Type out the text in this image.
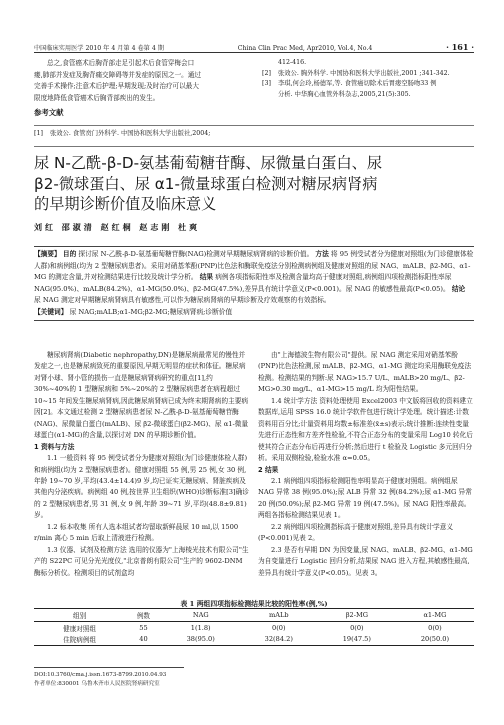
中国临床实用医学 2010 年 4 月第 4 卷第 4 期	China Clin Prac Med, Apr2010, Vol.4, No.4	· 161 ·
总之,食管癌术后胸背部走足引起术后食管穿梅会口
瘘,肺部并发症及胸背痛交障碍等并发症的原因之一。通过
完善手术操作;注意术后护理;早期发现;及时治疗可以最大
限度地降低食管癌术后胸背部疾出的发生。
参考文献
412-416.
[2]	张效公. 胸外科学. 中国协和医科大学出版社,2001 ;341-342.
[3]	李琪,何会玲,杨德军,等. 食管癌切除术后胃瘘空肠吻33 例
分析. 中华胸心血管外科杂志,2005,21(5):305.
[1]	张效公. 食管贲门外科学. 中国协和医科大学出版社,2004;
尿 N-乙酰-β-D-氨基葡萄糖苷酶、尿微量白蛋白、尿
β2-微球蛋白、尿 α1-微量球蛋白检测对糖尿病肾病
的早期诊断价值及临床意义
刘红 邵淑清 赵红桐 赵志刚 杜爽

【摘要】 目的 探讨尿 N-乙酰-β-D-氨基葡萄糖苷酶(NAG)检测对早期糖尿病肾病的诊断价值。 方法 将 95 例受试者分为健康对照组(为门诊健康体检人群)和病例组(均为 2 型糖尿病患者)。采用对硝基苯酚(PNP)比色法和酶联免疫法分别检测病例组及健康对照组的尿 NAG、mALB、β2-MG、α1-MG 的测定含量,并对检测结果进行比较及统计学分析。 结果 病例各项指标阳性率及检测含量均高于健康对照组,病例组四项检测指标阳性率尿 NAG(95.0%)、mALB(84.2%)、α1-MG(50.0%)、β2-MG(47.5%),差异具有统计学意义(P<0.001)。尿 NAG 的敏感性最高(P<0.05)。 结论 尿 NAG 测定对早期糖尿病肾病具有敏感性,可以作为糖尿病肾病的早期诊断及疗效观察的有效指标。

【关键词】 尿 NAG;mALB;α1-MG;β2-MG;糖尿病肾病;诊断价值

糖尿病肾病(Diabetic nephropathy,DN)是糖尿病最常见的慢性并发症之一,也是糖尿病致死的重要原因,早期无明显的症状和体征。糖尿病对肾小球、肾小管的损伤一直是糖尿病肾病研究的重点[1],约 30%~40%的 1 型糖尿病和 5%~20%的 2 型糖尿病患者在病程超过 10~15 年间发生糖尿病肾病,因此糖尿病肾病已成为终末期肾病的主要病因[2]。本文通过检测 2 型糖尿病患者尿 N-乙酰-β-D-氨基葡萄糖苷酶(NAG)、尿微量白蛋白(mALB)、尿 β2-微球蛋白(β2-MG)、尿 α1-微量球蛋白(α1-MG)的含量,以探讨对 DN 的早期诊断价值。

1 资料与方法

1.1 一般资料 将 95 例受试者分为健康对照组(为门诊健康体检人群)和病例组(均为 2 型糖尿病患者)。健康对照组 55 例,男 25 例,女 30 例,年龄 19~70 岁,平均(43.4±14.4)9 岁,均已证实无糖尿病、肾脏疾病及其他内分泌疾病。病例组 40 例,按世界卫生组织(WHO)诊断标准[3]确诊的 2 型糖尿病患者,男 31 例,女 9 例,年龄 39~71 岁,平均(48.8±9.81)岁。

1.2 标本收集 所有人选本组试者均留取新鲜晨尿 10 ml,以 1500 r/min 离心 5 min 后取上清液进行检测。

1.3 仪器、试剂及检测方法 选用的仪器为"上海棱光技术有限公司"生产的 S22PC 可见分光光度仪,"北京普朗有限公司"生产的 9602-DNM 酶标分析仪。检测项目的试剂盒均

由"上海德波生物有限公司"提供。尿 NAG 测定采用对硝基苯酚(PNP)比色法检测,尿 mALB、β2-MG、α1-MG 测定均采用酶联免疫法检测。检测结果的判断:尿 NAG>15.7 U/L、mALB>20 mg/L、β2-MG>0.30 mg/L、α1-MG>15 mg/L 均为阳性结果。

1.4 统计学方法 资料处理使用 Excel2003 中文版将回收的资料建立数据库,运用 SPSS 16.0 统计学软件包进行统计学处理。统计描述:计数资料用百分比;计量资料用均数±标准差(x̄±s)表示;统计推断:连续性变量先进行正态性和方差齐性检验,不符合正态分布的变量采用 Log10 转化后使其符合正态分布后再进行分析;然后进行 t 检验及 Logistic 多元回归分析。采用双侧检验,检验水准 α=0.05。

2 结果

2.1 病例组四项指标检测阳性率明显高于健康对照组。病例组尿 NAG 异常 38 例(95.0%);尿 ALB 异常 32 例(84.2%);尿 α1-MG 异常 20 例(50.0%);尿 β2-MG 异常 19 例(47.5%)。尿 NAG 阳性率最高。两组各指标检测结果见表 1。

2.2 病例组四项检测指标高于健康对照组,差异具有统计学意义(P<0.001)见表 2。

2.3 是否有早期 DN 为因变量,尿 NAG、mALB、β2-MG、α1-MG 为自变量进行 Logistic 回归分析,结果尿 NAG 进入方程,其敏感性最高,差异具有统计学意义(P<0.05)。见表 3。

表 1 两组四项指标检测结果比较的阳性率(例,%)
组别	例数	NAG	mALb	β2-MG	α1-MG
健康对照组	55	1(1.8)	0(0)	0(0)	0(0)
住院病例组	40	38(95.0)	32(84.2)	19(47.5)	20(50.0)
DOI:10.3760/cma.j.issn.1673-8799.2010.04.93
作者单位:830001 乌鲁木齐市人民医院肾病研究室
